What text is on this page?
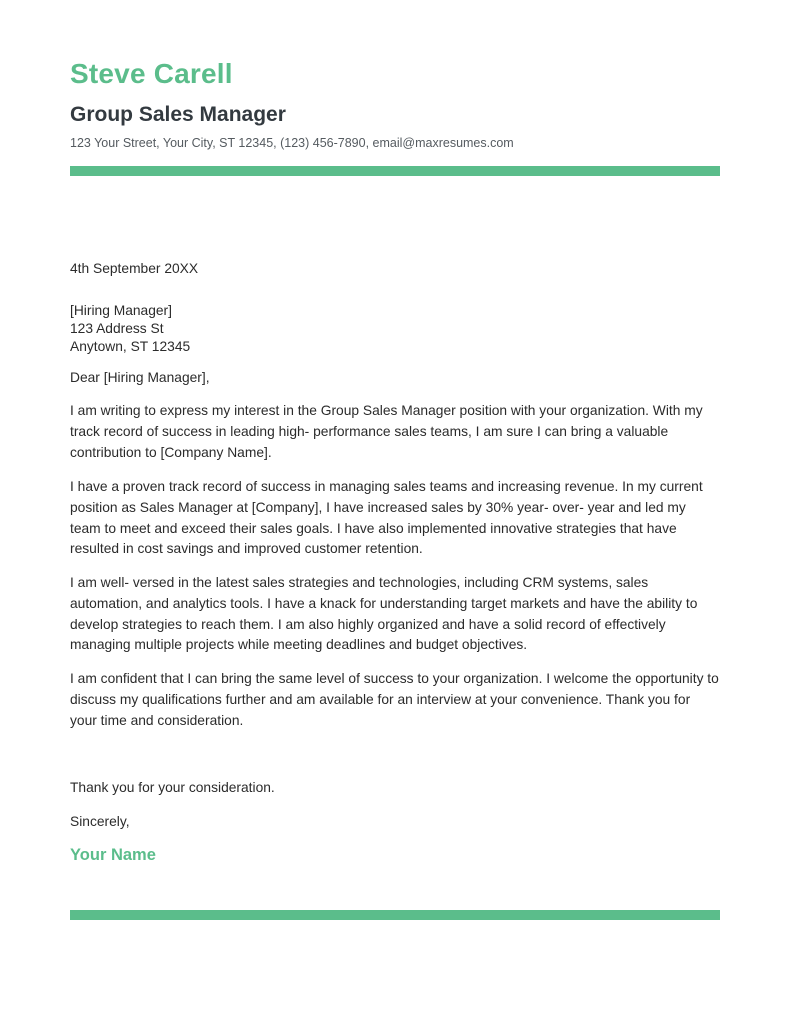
Steve Carell
Group Sales Manager
123 Your Street, Your City, ST 12345, (123) 456-7890, email@maxresumes.com
4th September 20XX
[Hiring Manager]
123 Address St
Anytown, ST 12345
Dear [Hiring Manager],
I am writing to express my interest in the Group Sales Manager position with your organization. With my track record of success in leading high- performance sales teams, I am sure I can bring a valuable contribution to [Company Name].
I have a proven track record of success in managing sales teams and increasing revenue. In my current position as Sales Manager at [Company], I have increased sales by 30% year- over- year and led my team to meet and exceed their sales goals. I have also implemented innovative strategies that have resulted in cost savings and improved customer retention.
I am well- versed in the latest sales strategies and technologies, including CRM systems, sales automation, and analytics tools. I have a knack for understanding target markets and have the ability to develop strategies to reach them. I am also highly organized and have a solid record of effectively managing multiple projects while meeting deadlines and budget objectives.
I am confident that I can bring the same level of success to your organization. I welcome the opportunity to discuss my qualifications further and am available for an interview at your convenience. Thank you for your time and consideration.
Thank you for your consideration.
Sincerely,
Your Name
